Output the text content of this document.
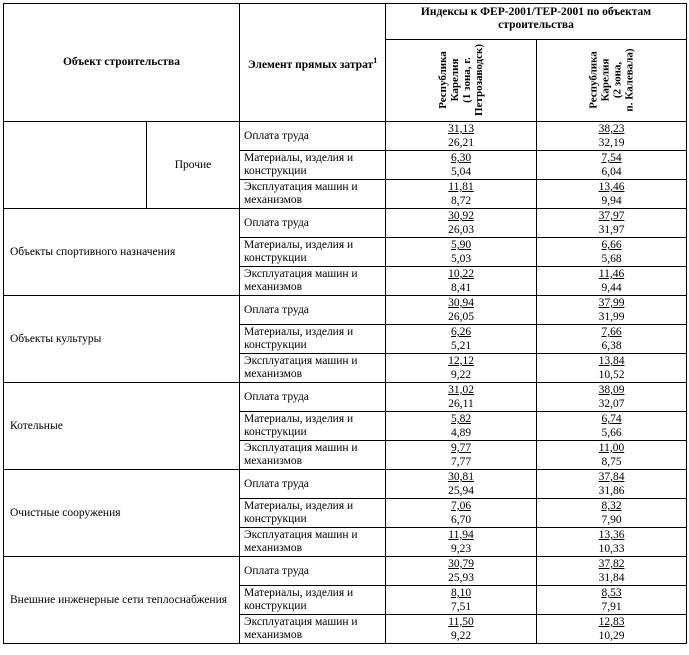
Объект строительства		Элемент прямых затрат$^1$	Индексы к ФЕР-2001/ТЕР-2001 по объектам строительства	
			Республика
Карелия
(1 зона, г.
Петрозаводск)	Республика
Карелия
(2 зона,
п. Калевала)
	Прочие	Оплата труда	31,13
26,21	38,23
32,19

		Материалы, изделия и конструкции	6,30
5,04	7,54
6,04

		Эксплуатация машин и механизмов	11,81
8,72	13,46
9,94

Объекты спортивного назначения		Оплата труда	30,92
26,03	37,97
31,97

		Материалы, изделия и конструкции	5,90
5,03	6,66
5,68

		Эксплуатация машин и механизмов	10,22
8,41	11,46
9,44

Объекты культуры		Оплата труда	30,94
26,05	37,99
31,99

		Материалы, изделия и конструкции	6,26
5,21	7,66
6,38

		Эксплуатация машин и механизмов	12,12
9,22	13,84
10,52

Котельные		Оплата труда	31,02
26,11	38,09
32,07

		Материалы, изделия и конструкции	5,82
4,89	6,74
5,66

		Эксплуатация машин и механизмов	9,77
7,77	11,00
8,75

Очистные сооружения		Оплата труда	30,81
25,94	37,84
31,86

		Материалы, изделия и конструкции	7,06
6,70	8,32
7,90

		Эксплуатация машин и механизмов	11,94
9,23	13,36
10,33

Внешние инженерные сети теплоснабжения		Оплата труда	30,79
25,93	37,82
31,84

		Материалы, изделия и конструкции	8,10
7,51	8,53
7,91

		Эксплуатация машин и механизмов	11,50
9,22	12,83
10,29
